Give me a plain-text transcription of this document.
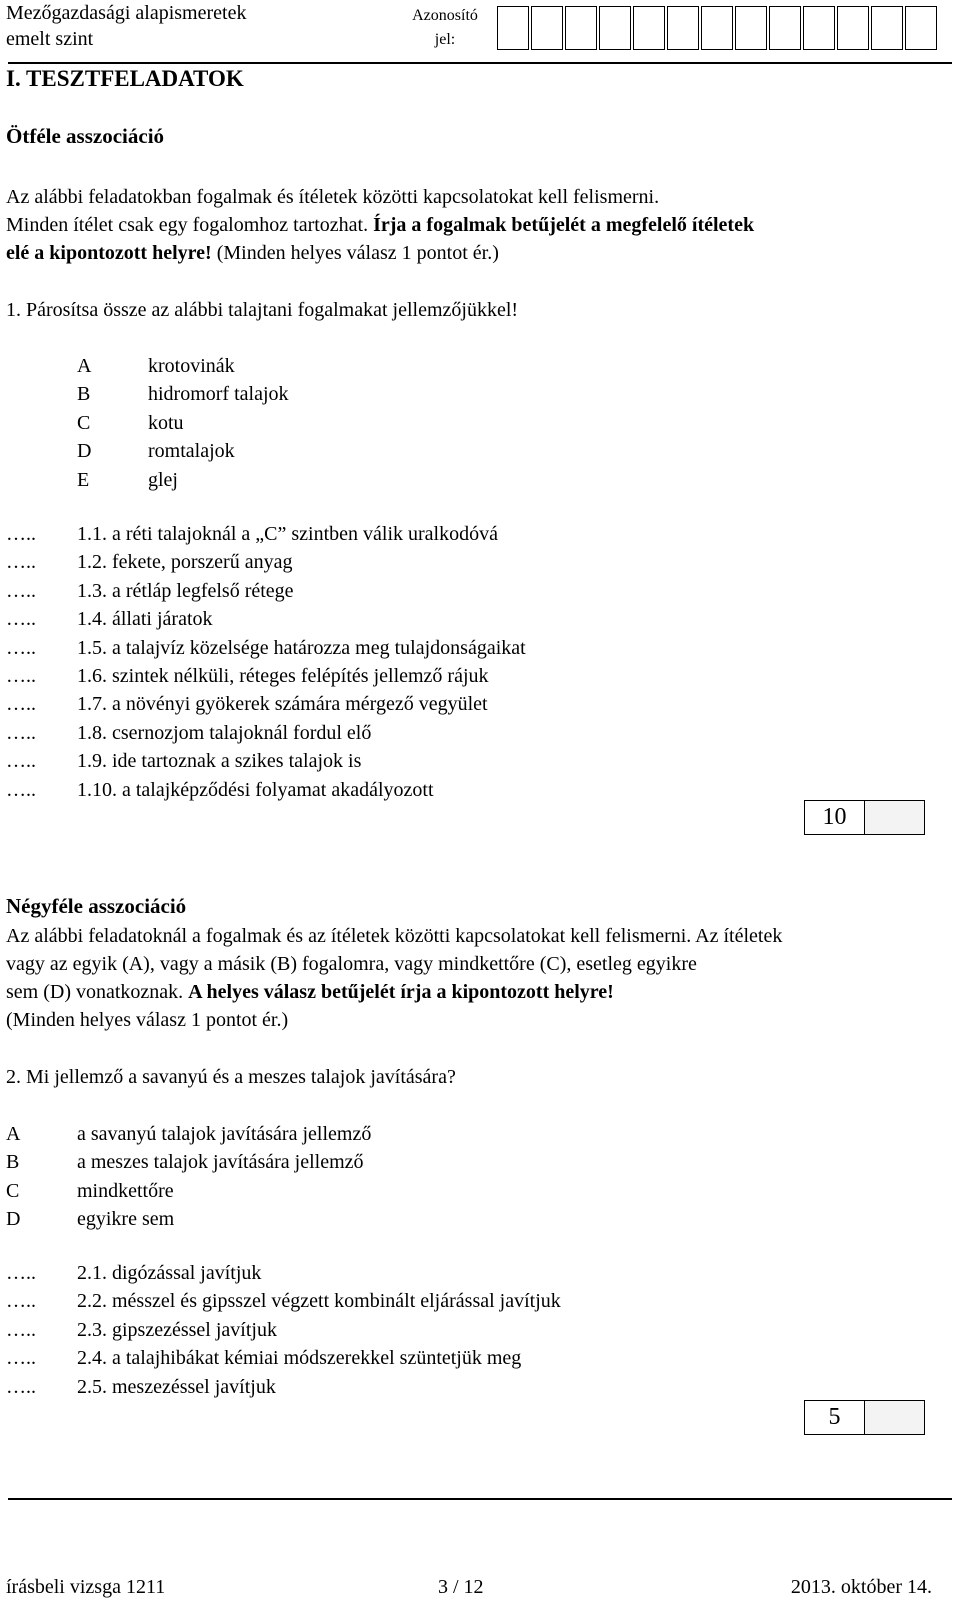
Mezőgazdasági alapismeretek
emelt szint
Azonosító
jel:
I. TESZTFELADATOK
Ötféle asszociáció
Az alábbi feladatokban fogalmak és ítéletek közötti kapcsolatokat kell felismerni.
Minden ítélet csak egy fogalomhoz tartozhat. Írja a fogalmak betűjelét a megfelelő ítéletek
elé a kipontozott helyre! (Minden helyes válasz 1 pontot ér.)
1. Párosítsa össze az alábbi talajtani fogalmakat jellemzőjükkel!
A	krotovinák
B	hidromorf talajok
C	kotu
D	romtalajok
E	glej
….. 1.1. a réti talajoknál a „C” szintben válik uralkodóvá
….. 1.2. fekete, porszerű anyag
….. 1.3. a rétláp legfelső rétege
….. 1.4. állati járatok
….. 1.5. a talajvíz közelsége határozza meg tulajdonságaikat
….. 1.6. szintek nélküli, réteges felépítés jellemző rájuk
….. 1.7. a növényi gyökerek számára mérgező vegyület
….. 1.8. csernozjom talajoknál fordul elő
….. 1.9. ide tartoznak a szikes talajok is
….. 1.10. a talajképződési folyamat akadályozott
10
Négyféle asszociáció
Az alábbi feladatoknál a fogalmak és az ítéletek közötti kapcsolatokat kell felismerni. Az ítéletek
vagy az egyik (A), vagy a másik (B) fogalomra, vagy mindkettőre (C), esetleg egyikre
sem (D) vonatkoznak. A helyes válasz betűjelét írja a kipontozott helyre!
(Minden helyes válasz 1 pontot ér.)
2. Mi jellemző a savanyú és a meszes talajok javítására?
A	a savanyú talajok javítására jellemző
B	a meszes talajok javítására jellemző
C	mindkettőre
D	egyikre sem
….. 2.1. digózással javítjuk
….. 2.2. mésszel és gipsszel végzett kombinált eljárással javítjuk
….. 2.3. gipszezéssel javítjuk
….. 2.4. a talajhibákat kémiai módszerekkel szüntetjük meg
….. 2.5. meszezéssel javítjuk
5
írásbeli vizsga 1211	3 / 12	2013. október 14.
